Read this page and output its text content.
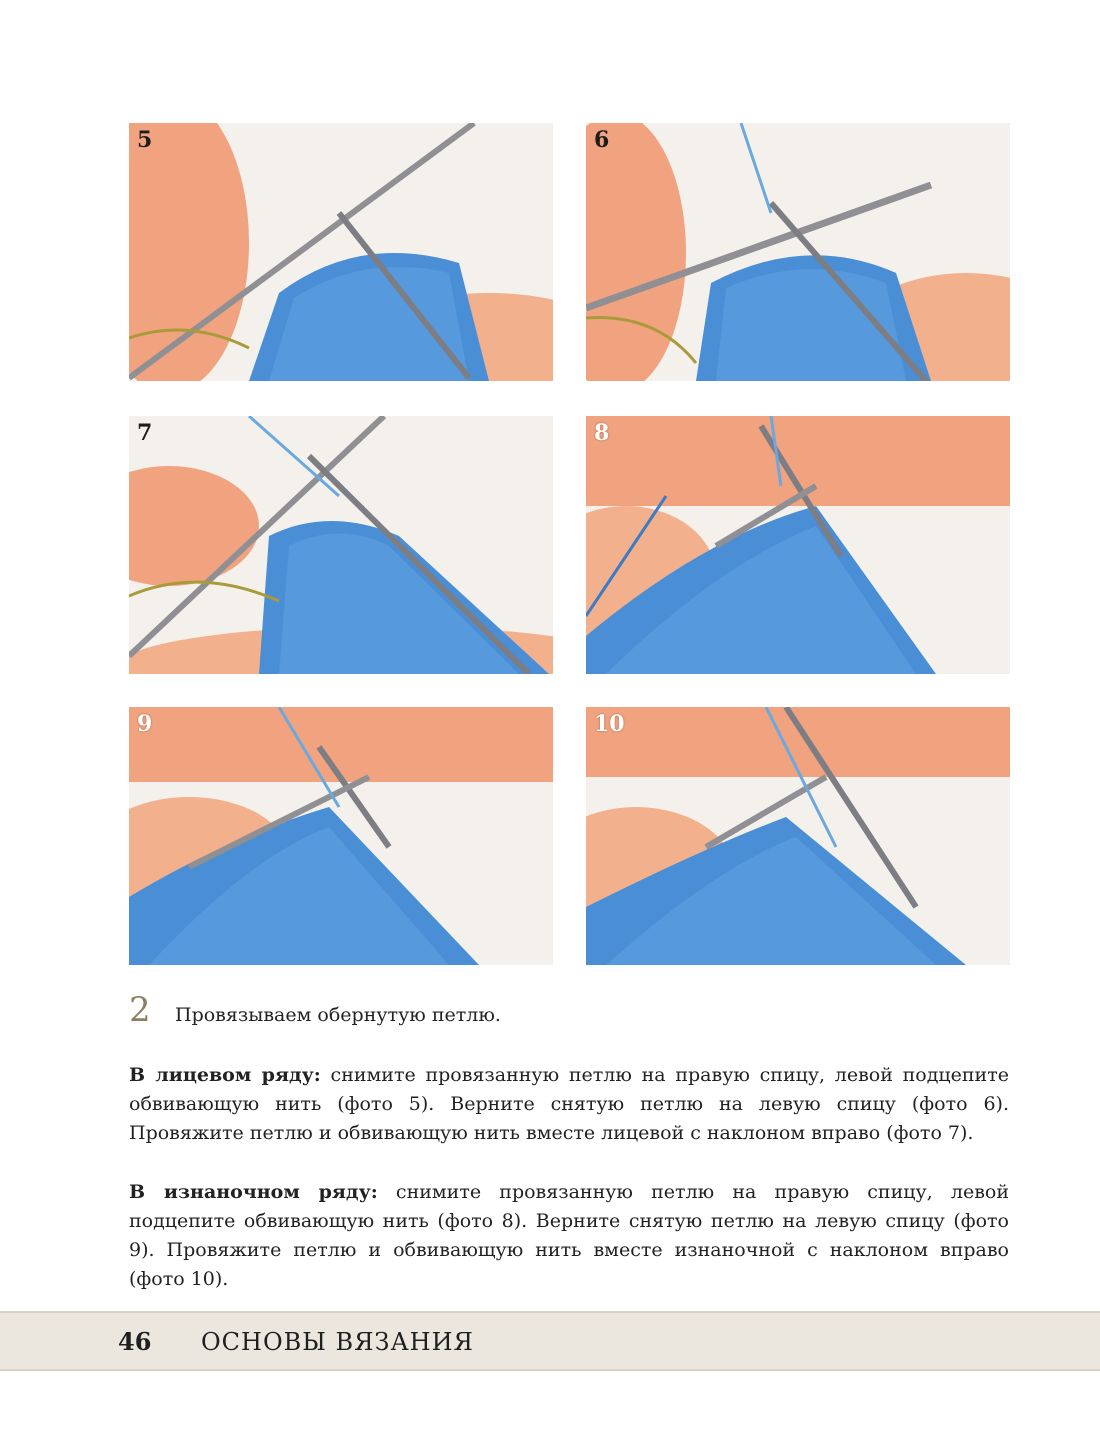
5	6
7	8
9	10
2	Провязываем обернутую петлю.
В лицевом ряду: снимите провязанную петлю на правую спицу, левой подцепите обвивающую нить (фото 5). Верните снятую петлю на левую спицу (фото 6). Провяжите петлю и обвивающую нить вместе лицевой с наклоном вправо (фото 7).
В изнаночном ряду: снимите провязанную петлю на правую спицу, левой подцепите обвивающую нить (фото 8). Верните снятую петлю на левую спицу (фото 9). Провяжите петлю и обвивающую нить вместе изнаночной с наклоном вправо (фото 10).
46 ОСНОВЫ ВЯЗАНИЯ
